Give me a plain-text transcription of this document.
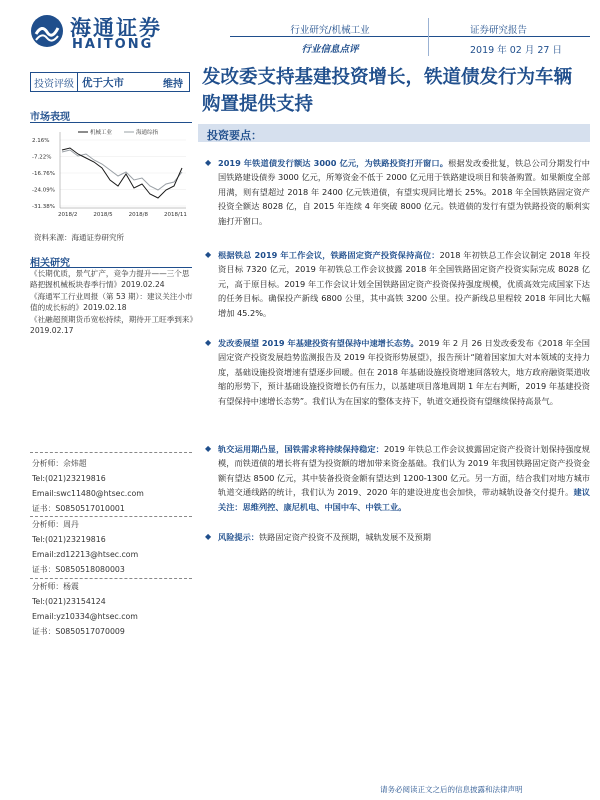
海通证券
HAITONG
行业研究/机械工业
行业信息点评
证券研究报告
2019 年 02 月 27 日
投资评级 优于大市	维持	发改委支持基建投资增长，铁道债发行为车辆购置提供支持
市场表现
2.16%
-7.22%
-16.76%
-24.09%
-31.38%
2018/2	2018/5	2018/8	2018/11
机械工业	海通综指
资料来源：海通证券研究所
相关研究
《长期优质，景气扩产，竞争力提升——三个思路把握机械板块春季行情》2019.02.24
《海通军工行业周报（第 53 期）：建议关注小市值的成长标的》2019.02.18
《社融超预期货币宽松持续，期待开工旺季到来》2019.02.17
分析师：佘炜超
Tel:(021)23219816
Email:swc11480@htsec.com
证书：S0850517010001
分析师：周丹
Tel:(021)23219816
Email:zd12213@htsec.com
证书：S0850518080003
分析师：杨震
Tel:(021)23154124
Email:yz10334@htsec.com
证书：S0850517070009
投资要点：
◆ 2019 年铁道债发行额达 3000 亿元，为铁路投资打开窗口。根据发改委批复，铁总公司分期发行中国铁路建设债券 3000 亿元，所筹资金不低于 2000 亿元用于铁路建设项目和装备购置。如果额度全部用满，则有望超过 2018 年 2400 亿元铁道债，有望实现同比增长 25%。2018 年全国铁路固定资产投资全额达 8028 亿，自 2015 年连续 4 年突破 8000 亿元。铁道债的发行有望为铁路投资的顺利实施打开窗口。
◆ 根据铁总 2019 年工作会议，铁路固定资产投资保持高位：2018 年初铁总工作会议制定 2018 年投资目标 7320 亿元，2019 年初铁总工作会议披露 2018 年全国铁路固定资产投资实际完成 8028 亿元，高于原目标。2019 年工作会议计划全国铁路固定资产投资保持强度规模，优质高效完成国家下达的任务目标。确保投产新线 6800 公里，其中高铁 3200 公里。投产新线总里程较 2018 年同比大幅增加 45.2%。
◆ 发改委展望 2019 年基建投资有望保持中速增长态势。2019 年 2 月 26 日发改委发布《2018 年全国固定资产投资发展趋势监测报告及 2019 年投资形势展望》，报告预计“随着国家加大对本领域的支持力度，基础设施投资增速有望逐步回暖。但在 2018 年基础设施投资增速回落较大，地方政府融资渠道收缩的形势下，预计基础设施投资增长仍有压力，以基建项目落地周期 1 年左右判断，2019 年基建投资有望保持中速增长态势”。我们认为在国家的整体支持下，轨道交通投资有望继续保持高景气。
◆ 轨交运用期凸显，国铁需求将持续保持稳定：2019 年铁总工作会议披露固定资产投资计划保持强度规模，而铁道债的增长将有望为投资额的增加带来资金基础。我们认为 2019 年我国铁路固定资产投资金额有望达 8500 亿元，其中装备投资金额有望达到 1200-1300 亿元。另一方面，结合我们对地方城市轨道交通线路的统计，我们认为 2019、2020 年的建设进度也会加快，带动城轨设备交付提升。建议关注：思维列控、康尼机电、中国中车、中铁工业。
◆ 风险提示：铁路固定资产投资不及预期，城轨发展不及预期
请务必阅读正文之后的信息披露和法律声明
